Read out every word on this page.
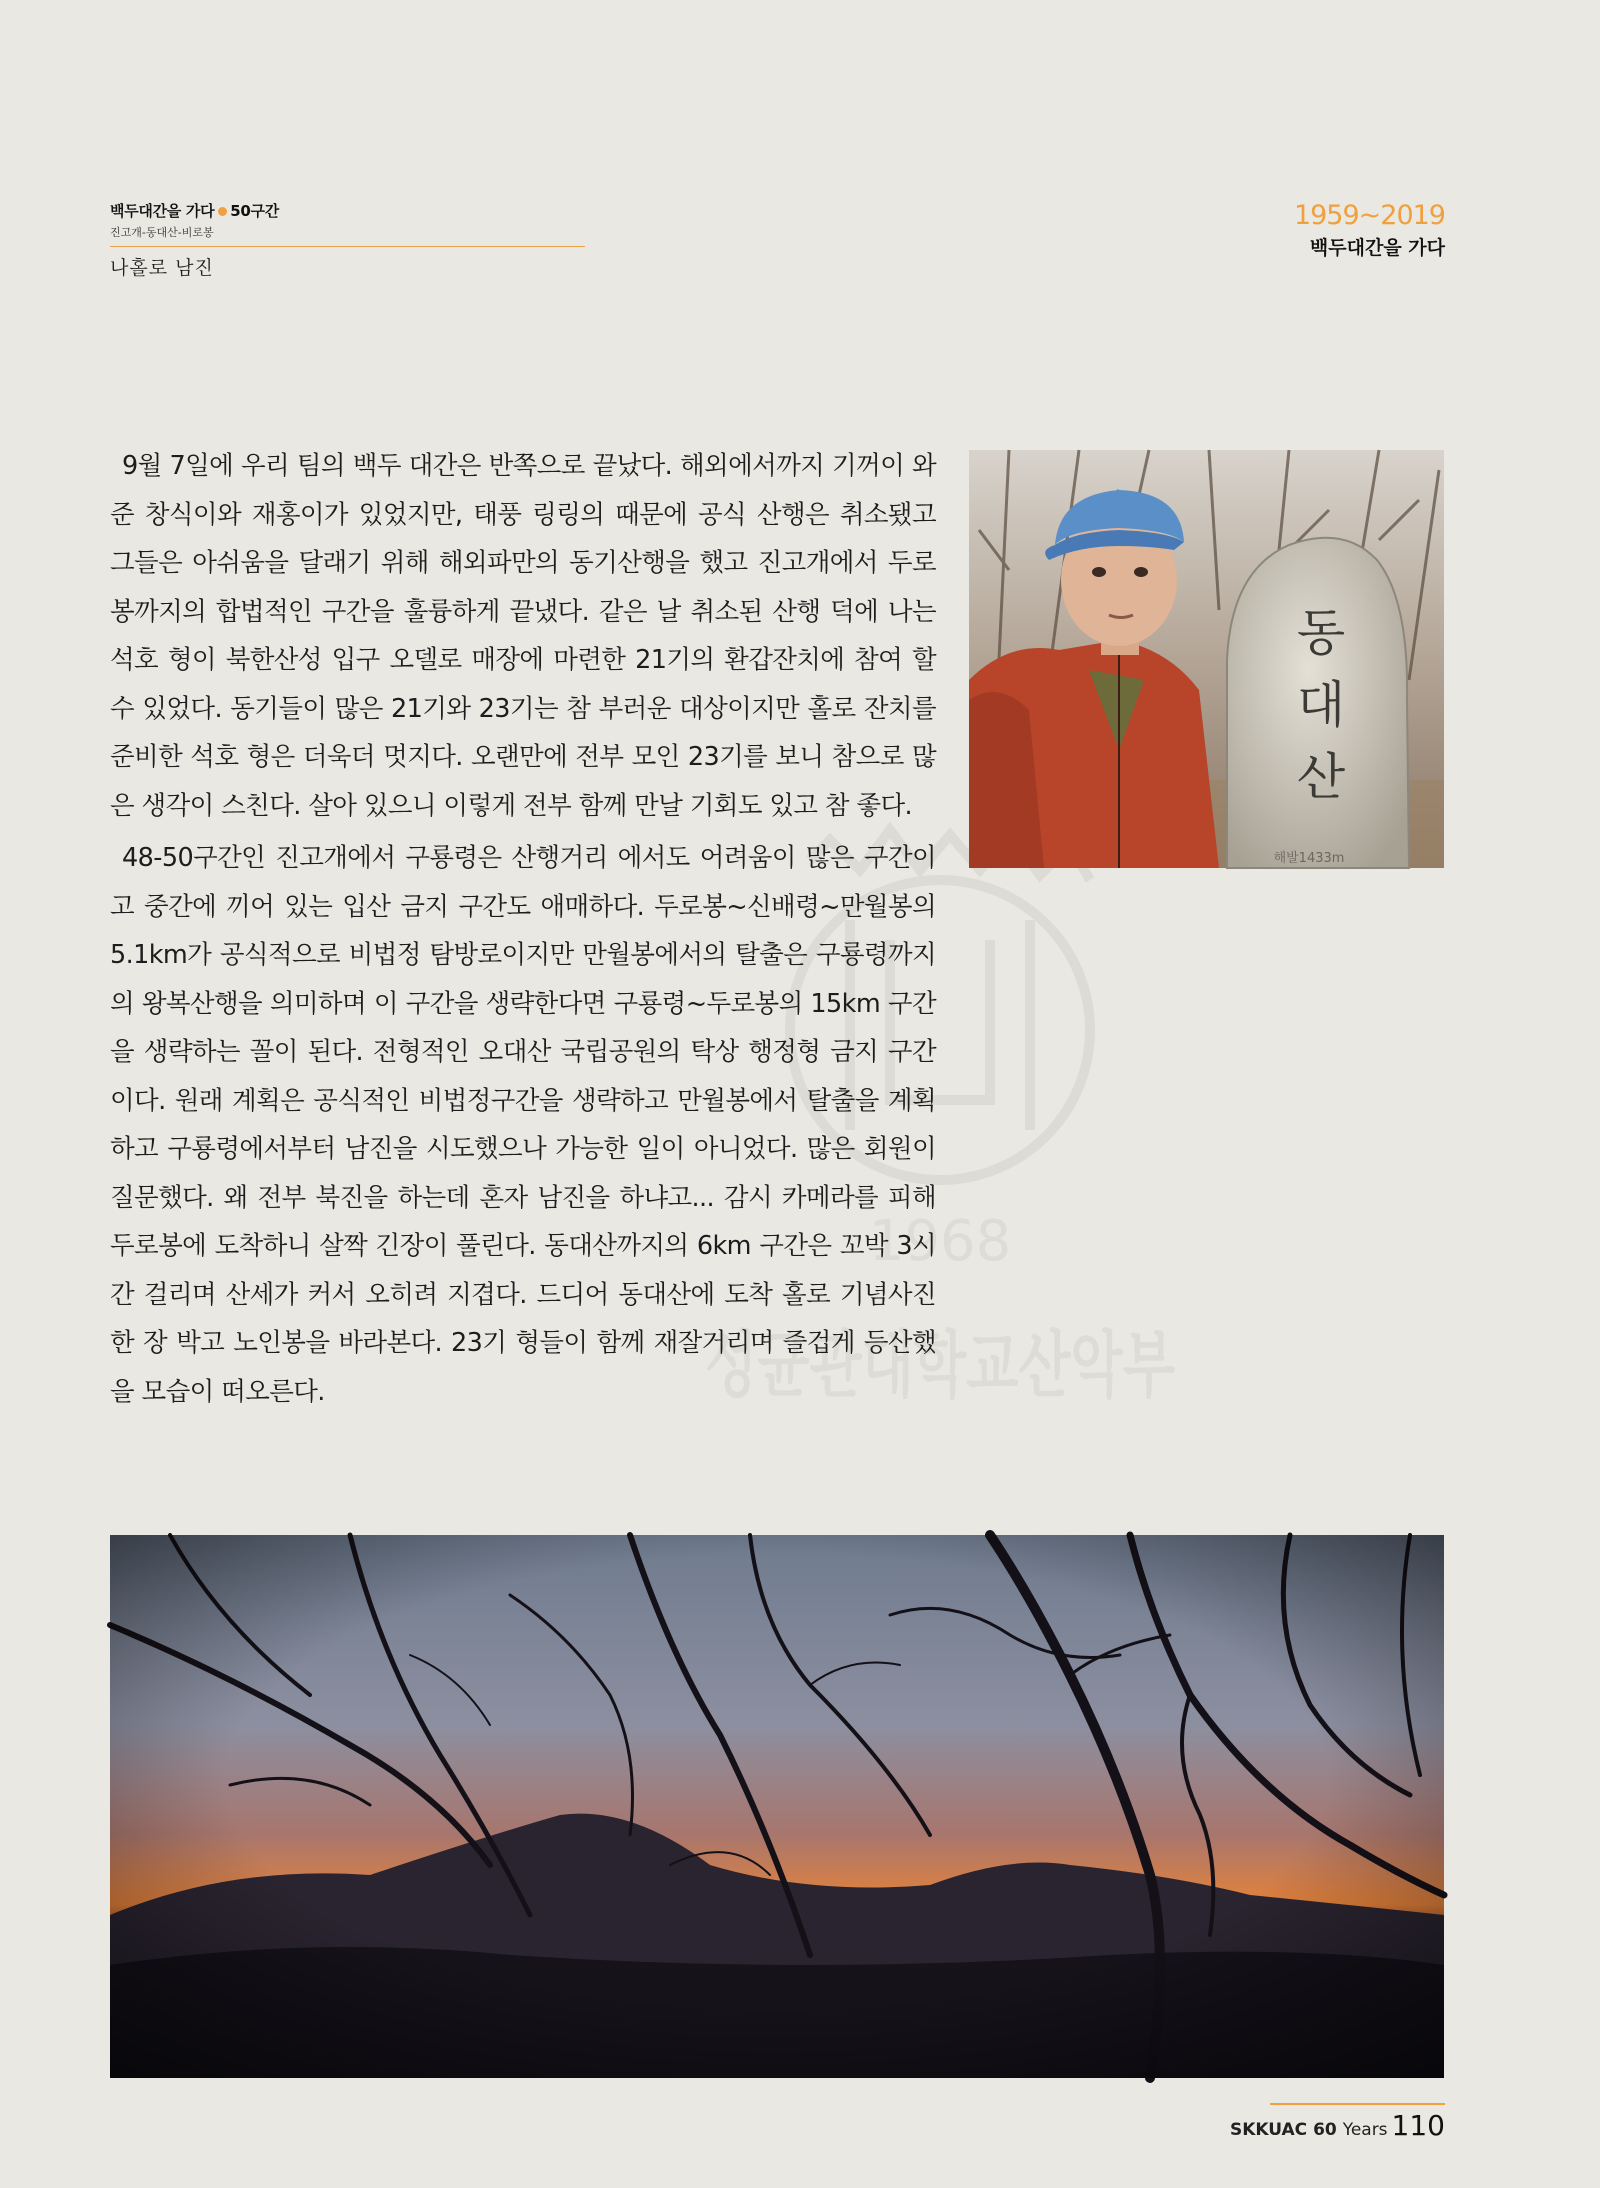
백두대간을 가다 50구간
진고개-동대산-비로봉
나홀로 남진
1959~2019
백두대간을 가다
1968
성균관대학교산악부

9월 7일에 우리 팀의 백두 대간은 반쪽으로 끝났다. 해외에서까지 기꺼이 와준 창식이와 재홍이가 있었지만, 태풍 링링의 때문에 공식 산행은 취소됐고 그들은 아쉬움을 달래기 위해 해외파만의 동기산행을 했고 진고개에서 두로봉까지의 합법적인 구간을 훌륭하게 끝냈다. 같은 날 취소된 산행 덕에 나는 석호 형이 북한산성 입구 오델로 매장에 마련한 21기의 환갑잔치에 참여 할 수 있었다. 동기들이 많은 21기와 23기는 참 부러운 대상이지만 홀로 잔치를 준비한 석호 형은 더욱더 멋지다. 오랜만에 전부 모인 23기를 보니 참으로 많은 생각이 스친다. 살아 있으니 이렇게 전부 함께 만날 기회도 있고 참 좋다.

48-50구간인 진고개에서 구룡령은 산행거리 에서도 어려움이 많은 구간이고 중간에 끼어 있는 입산 금지 구간도 애매하다. 두로봉~신배령~만월봉의 5.1km가 공식적으로 비법정 탐방로이지만 만월봉에서의 탈출은 구룡령까지의 왕복산행을 의미하며 이 구간을 생략한다면 구룡령~두로봉의 15km 구간을 생략하는 꼴이 된다. 전형적인 오대산 국립공원의 탁상 행정형 금지 구간이다. 원래 계획은 공식적인 비법정구간을 생략하고 만월봉에서 탈출을 계획하고 구룡령에서부터 남진을 시도했으나 가능한 일이 아니었다. 많은 회원이 질문했다. 왜 전부 북진을 하는데 혼자 남진을 하냐고... 감시 카메라를 피해 두로봉에 도착하니 살짝 긴장이 풀린다. 동대산까지의 6km 구간은 꼬박 3시간 걸리며 산세가 커서 오히려 지겹다. 드디어 동대산에 도착 홀로 기념사진 한 장 박고 노인봉을 바라본다. 23기 형들이 함께 재잘거리며 즐겁게 등산했을 모습이 떠오른다.

동
대
산
해발1433m
SKKUAC 60 Years 110
